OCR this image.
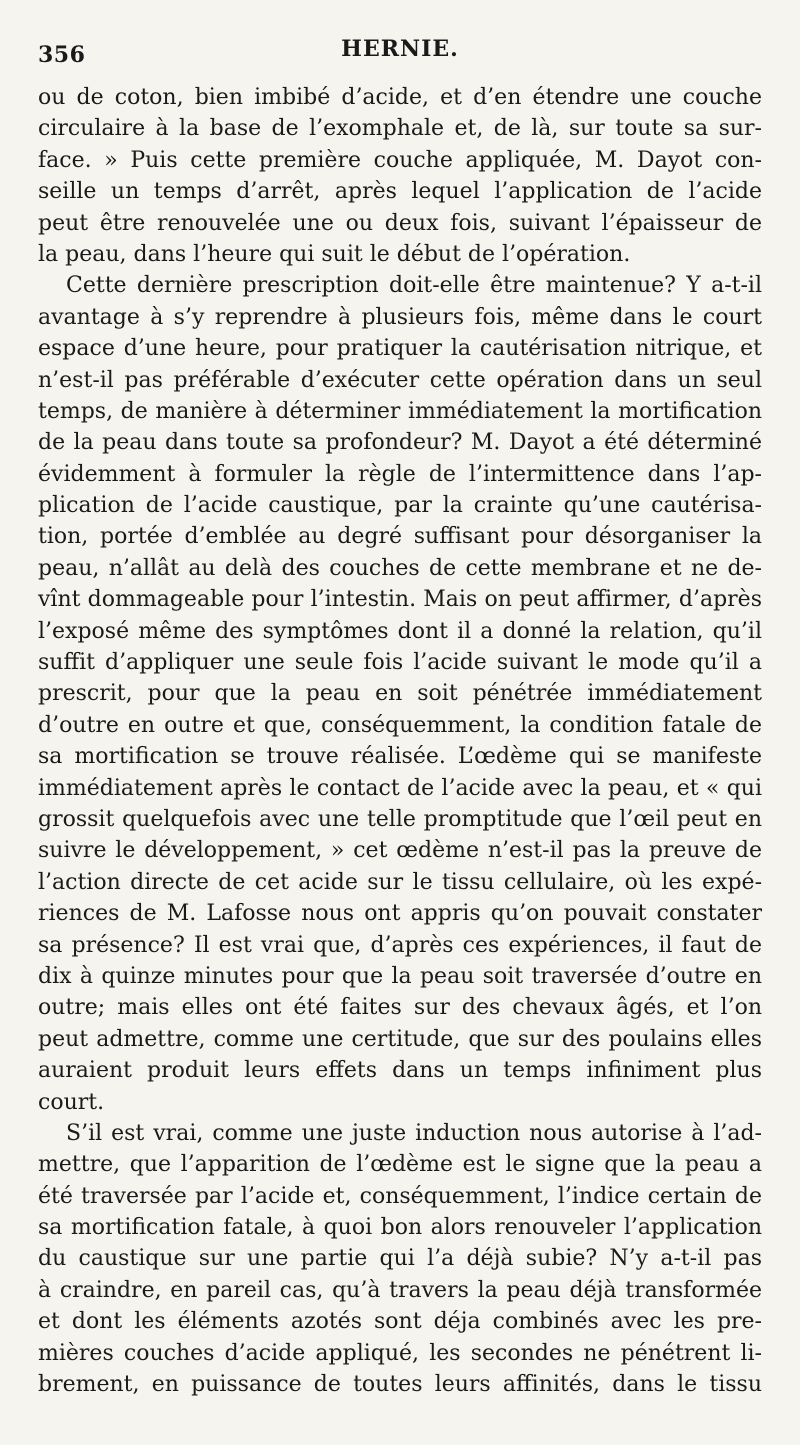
356	HERNIE.
ou de coton, bien imbibé d’acide, et d’en étendre une couche
circulaire à la base de l’exomphale et, de là, sur toute sa sur-
face. » Puis cette première couche appliquée, M. Dayot con-
seille un temps d’arrêt, après lequel l’application de l’acide
peut être renouvelée une ou deux fois, suivant l’épaisseur de
la peau, dans l’heure qui suit le début de l’opération.
Cette dernière prescription doit-elle être maintenue? Y a-t-il
avantage à s’y reprendre à plusieurs fois, même dans le court
espace d’une heure, pour pratiquer la cautérisation nitrique, et
n’est-il pas préférable d’exécuter cette opération dans un seul
temps, de manière à déterminer immédiatement la mortification
de la peau dans toute sa profondeur? M. Dayot a été déterminé
évidemment à formuler la règle de l’intermittence dans l’ap-
plication de l’acide caustique, par la crainte qu’une cautérisa-
tion, portée d’emblée au degré suffisant pour désorganiser la
peau, n’allât au delà des couches de cette membrane et ne de-
vînt dommageable pour l’intestin. Mais on peut affirmer, d’après
l’exposé même des symptômes dont il a donné la relation, qu’il
suffit d’appliquer une seule fois l’acide suivant le mode qu’il a
prescrit, pour que la peau en soit pénétrée immédiatement
d’outre en outre et que, conséquemment, la condition fatale de
sa mortification se trouve réalisée. L’œdème qui se manifeste
immédiatement après le contact de l’acide avec la peau, et « qui
grossit quelquefois avec une telle promptitude que l’œil peut en
suivre le développement, » cet œdème n’est-il pas la preuve de
l’action directe de cet acide sur le tissu cellulaire, où les expé-
riences de M. Lafosse nous ont appris qu’on pouvait constater
sa présence? Il est vrai que, d’après ces expériences, il faut de
dix à quinze minutes pour que la peau soit traversée d’outre en
outre; mais elles ont été faites sur des chevaux âgés, et l’on
peut admettre, comme une certitude, que sur des poulains elles
auraient produit leurs effets dans un temps infiniment plus
court.
S’il est vrai, comme une juste induction nous autorise à l’ad-
mettre, que l’apparition de l’œdème est le signe que la peau a
été traversée par l’acide et, conséquemment, l’indice certain de
sa mortification fatale, à quoi bon alors renouveler l’application
du caustique sur une partie qui l’a déjà subie? N’y a-t-il pas
à craindre, en pareil cas, qu’à travers la peau déjà transformée
et dont les éléments azotés sont déja combinés avec les pre-
mières couches d’acide appliqué, les secondes ne pénétrent li-
brement, en puissance de toutes leurs affinités, dans le tissu
